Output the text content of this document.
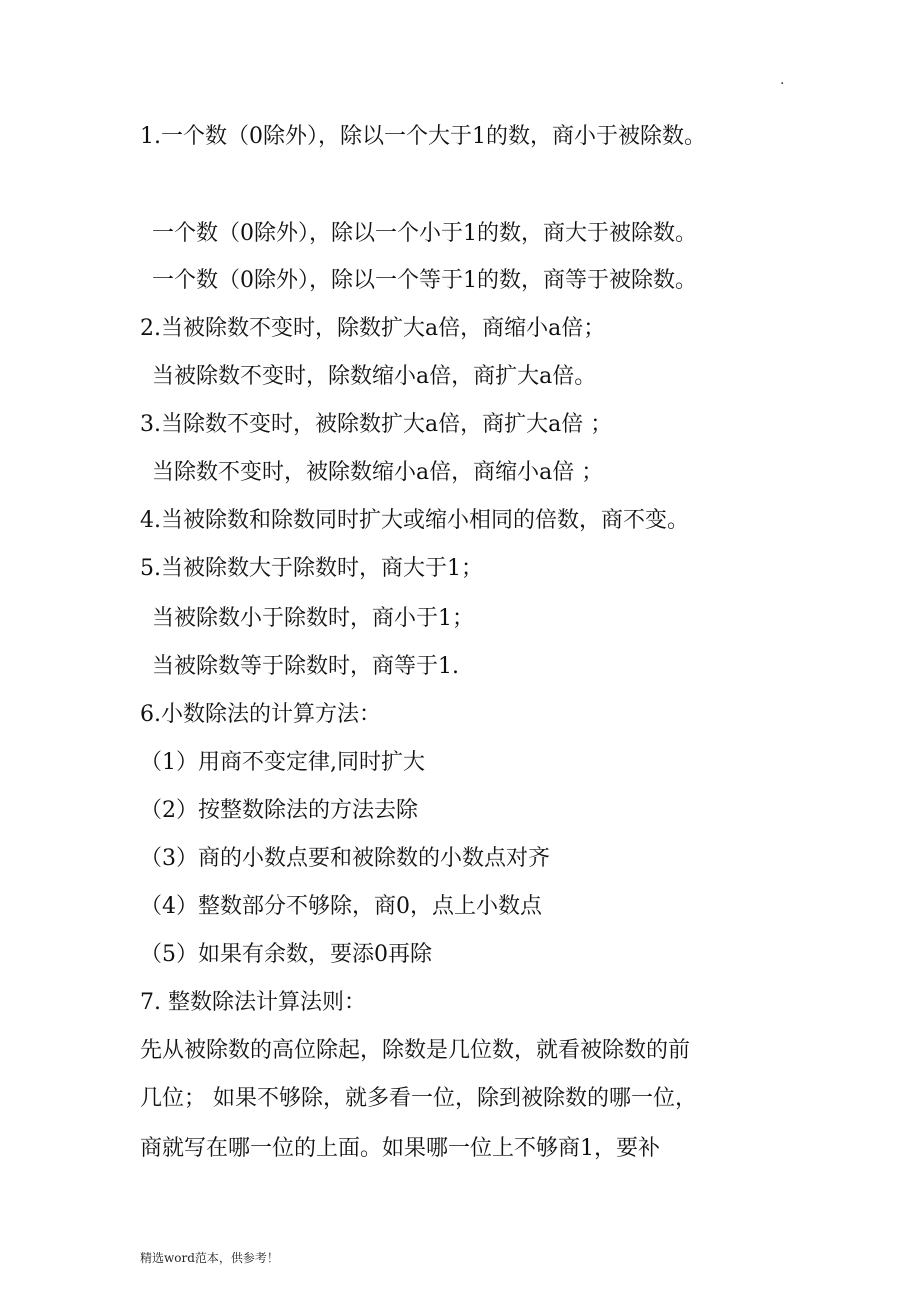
.
1.一个数（0除外），除以一个大于1的数，商小于被除数。
一个数（0除外），除以一个小于1的数，商大于被除数。
一个数（0除外），除以一个等于1的数，商等于被除数。
2.当被除数不变时，除数扩大a倍，商缩小a倍；
当被除数不变时，除数缩小a倍，商扩大a倍。
3.当除数不变时，被除数扩大a倍，商扩大a倍 ；
当除数不变时，被除数缩小a倍，商缩小a倍 ；
4.当被除数和除数同时扩大或缩小相同的倍数，商不变。
5.当被除数大于除数时，商大于1；
当被除数小于除数时，商小于1；
当被除数等于除数时，商等于1.
6.小数除法的计算方法：
（1）用商不变定律,同时扩大
（2）按整数除法的方法去除
（3）商的小数点要和被除数的小数点对齐
（4）整数部分不够除，商0，点上小数点
（5）如果有余数，要添0再除
7. 整数除法计算法则：
先从被除数的高位除起，除数是几位数，就看被除数的前
几位； 如果不够除，就多看一位，除到被除数的哪一位，
商就写在哪一位的上面。如果哪一位上不够商1，要补
精选word范本，供参考！
